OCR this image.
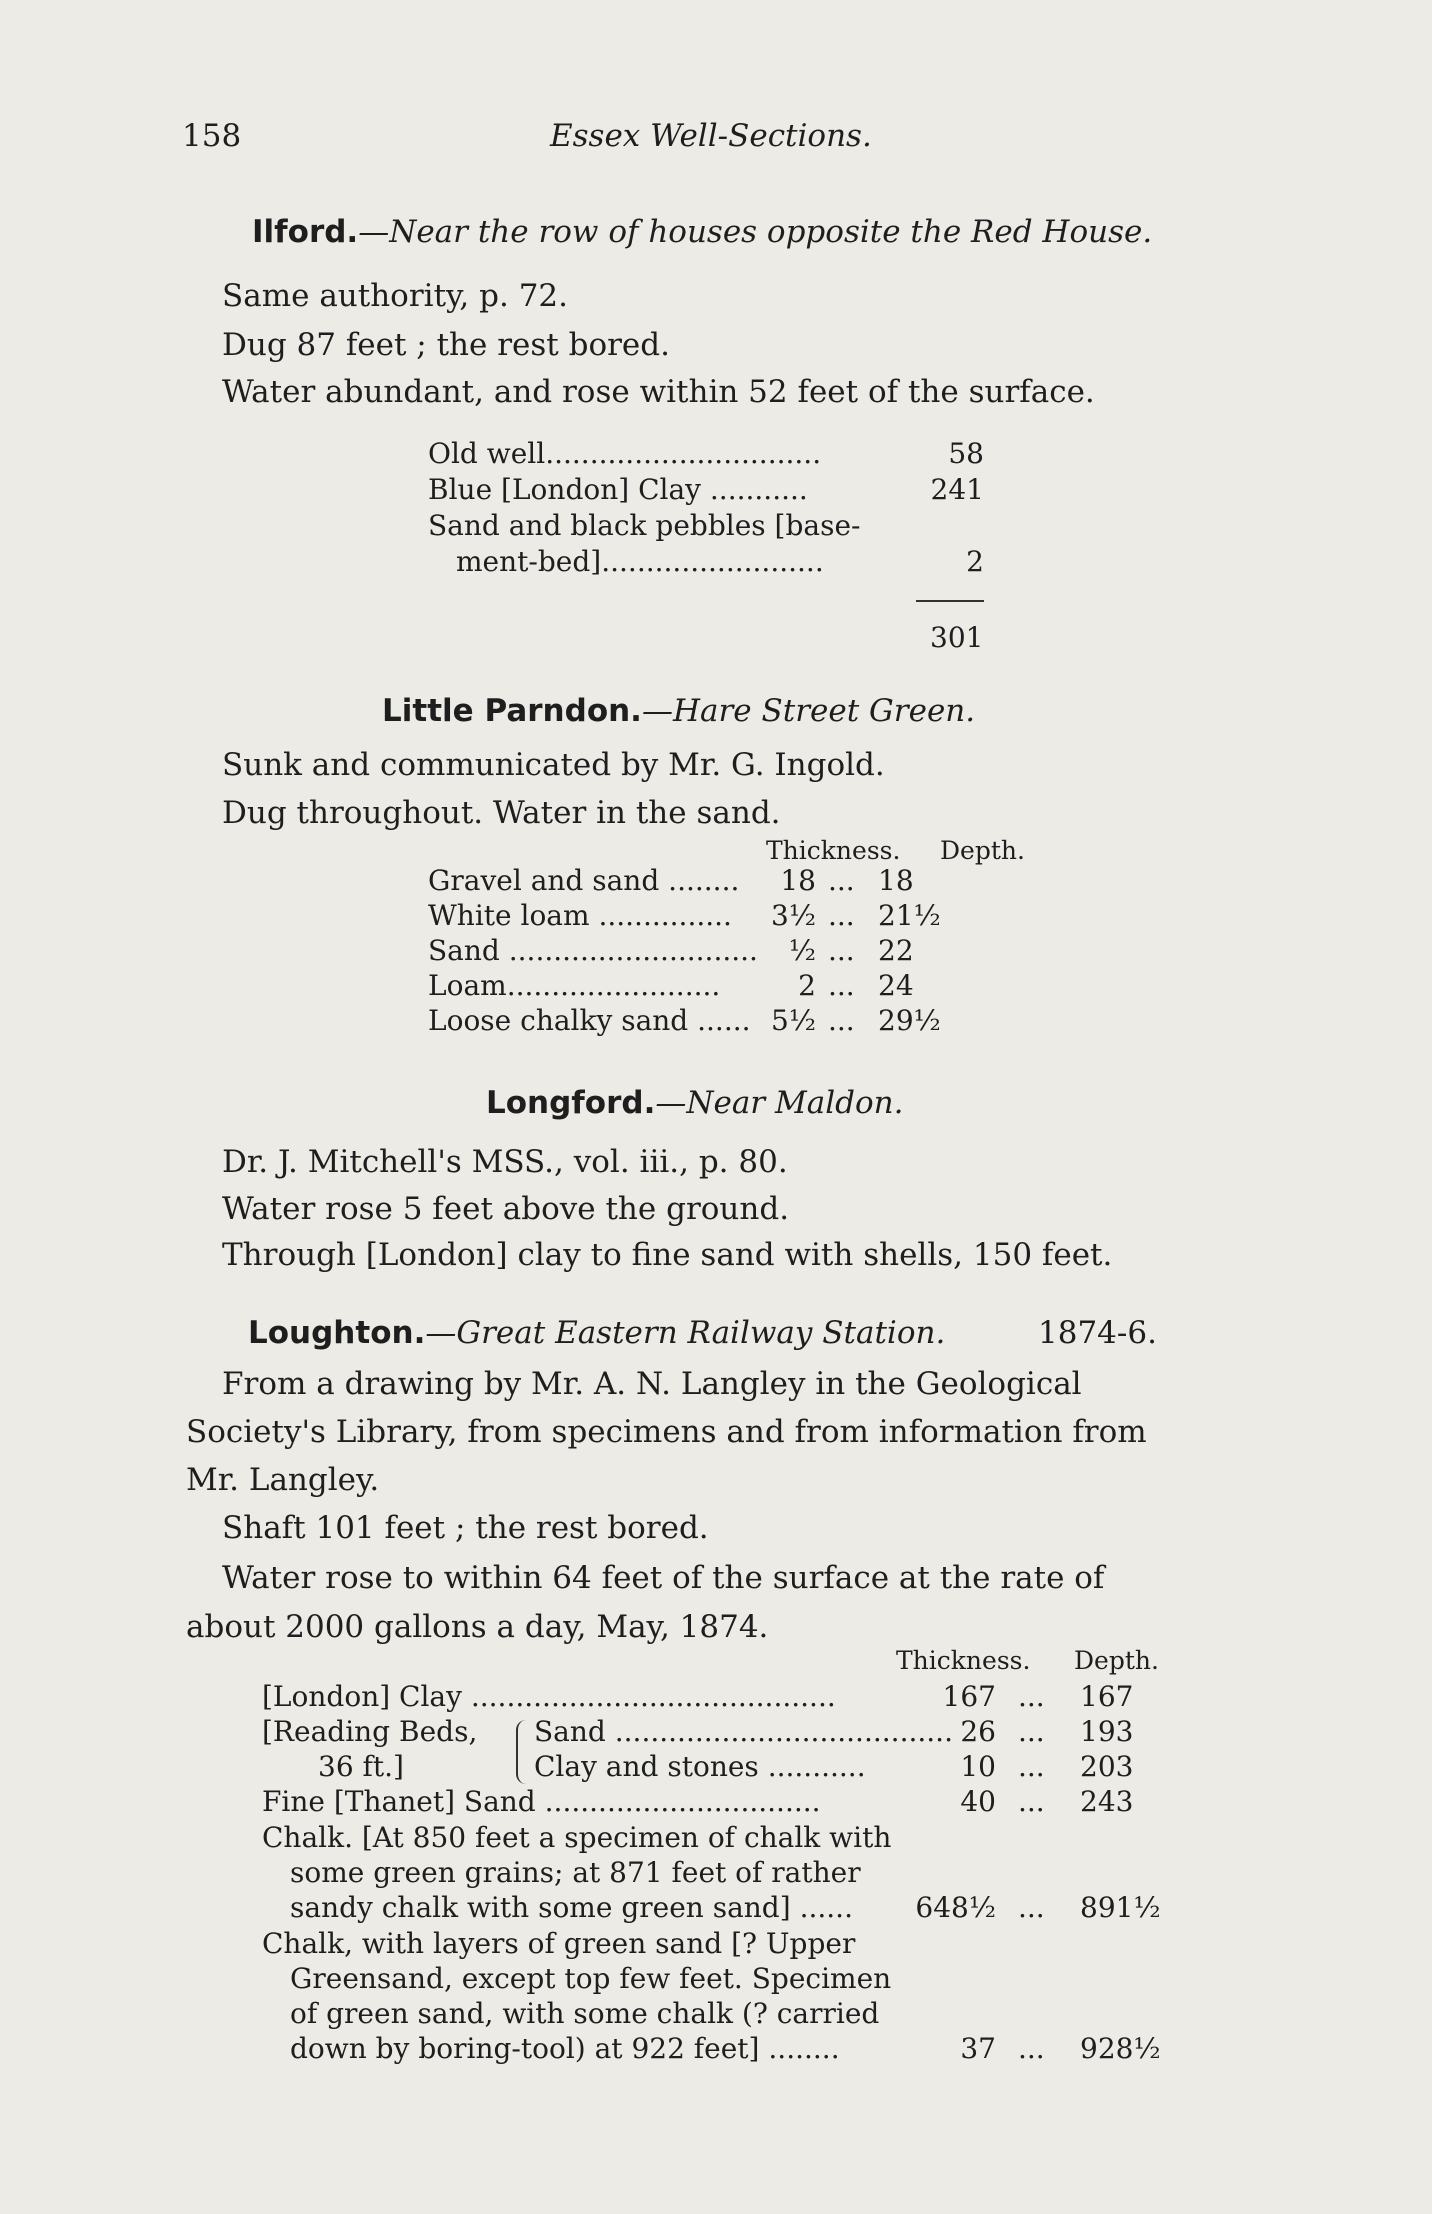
158	Essex Well-Sections.
Ilford.—Near the row of houses opposite the Red House.
Same authority, p. 72.
Dug 87 feet ; the rest bored.
Water abundant, and rose within 52 feet of the surface.
Old well...............................	58
Blue [London] Clay ...........	241
Sand and black pebbles [base-
ment-bed].........................	2
301
Little Parndon.—Hare Street Green.
Sunk and communicated by Mr. G. Ingold.
Dug throughout. Water in the sand.
Thickness. Depth.
Gravel and sand ........ 18 ... 18
White loam ............... 3½ ... 21½
Sand ............................ ½ ... 22
Loam........................	2 ... 24
Loose chalky sand ...... 5½ ... 29½
Longford.—Near Maldon.
Dr. J. Mitchell's MSS., vol. iii., p. 80.
Water rose 5 feet above the ground.
Through [London] clay to fine sand with shells, 150 feet.
Loughton.—Great Eastern Railway Station.	1874-6.
From a drawing by Mr. A. N. Langley in the Geological
Society's Library, from specimens and from information from
Mr. Langley.
Shaft 101 feet ; the rest bored.
Water rose to within 64 feet of the surface at the rate of
about 2000 gallons a day, May, 1874.
Thickness. Depth.
[London] Clay .........................................	167 ... 167
[Reading Beds,
36 ft.]
Sand ...................................... 26 ... 193
Clay and stones ...........	10 ... 203
Fine [Thanet] Sand ...............................	40 ... 243
Chalk. [At 850 feet a specimen of chalk with
some green grains; at 871 feet of rather
sandy chalk with some green sand] ...... 648½ ... 891½
Chalk, with layers of green sand [? Upper
Greensand, except top few feet. Specimen
of green sand, with some chalk (? carried
down by boring-tool) at 922 feet] ........	37 ... 928½
